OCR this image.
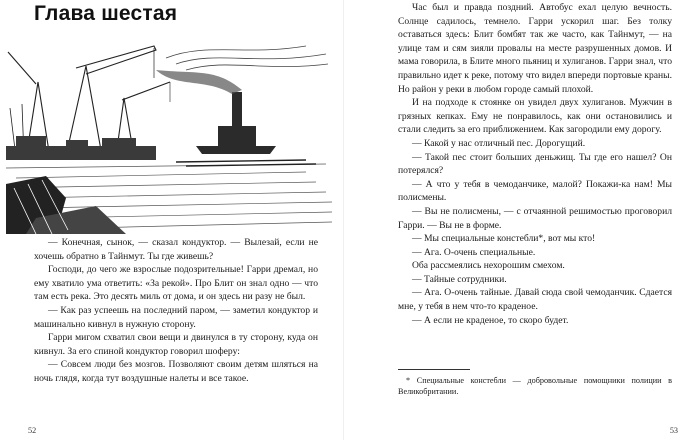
Глава шестая

— Конечная, сынок, — сказал кондуктор. — Вылезай, если не хочешь обратно в Тайнмут. Ты где живешь?

Господи, до чего же взрослые подозрительные! Гарри дремал, но ему хватило ума ответить: «За рекой». Про Блит он знал одно — что там есть река. Это десять миль от дома, и он здесь ни разу не был.

— Как раз успеешь на последний паром, — заметил кондуктор и машинально кивнул в нужную сторону.

Гарри мигом схватил свои вещи и двинулся в ту сторону, куда он кивнул. За его спиной кондуктор говорил шоферу:

— Совсем люди без мозгов. Позволяют своим детям шляться на ночь глядя, когда тут воздушные налеты и все такое.

52

Час был и правда поздний. Автобус ехал целую вечность. Солнце садилось, темнело. Гарри ускорил шаг. Без толку оставаться здесь: Блит бомбят так же часто, как Тайнмут, — на улице там и сям зияли провалы на месте разрушенных домов. И мама говорила, в Блите много пьяниц и хулиганов. Гарри знал, что правильно идет к реке, потому что видел впереди портовые краны. Но район у реки в любом городе самый плохой.

И на подходе к стоянке он увидел двух хулиганов. Мужчин в грязных кепках. Ему не понравилось, как они остановились и стали следить за его приближением. Как загородили ему дорогу.

— Какой у нас отличный пес. Дорогущий.

— Такой пес стоит больших деньжищ. Ты где его нашел? Он потерялся?

— А что у тебя в чемоданчике, малой? Покажи-ка нам! Мы полисмены.

— Вы не полисмены, — с отчаянной решимостью проговорил Гарри. — Вы не в форме.

— Мы специальные констебли*, вот мы кто!

— Ага. О-очень специальные.

Оба рассмеялись нехорошим смехом.

— Тайные сотрудники.

— Ага. О-очень тайные. Давай сюда свой чемоданчик. Сдается мне, у тебя в нем что-то краденое.

— А если не краденое, то скоро будет.

* Специальные констебли — добровольные помощники полиции в Великобритании.

53
